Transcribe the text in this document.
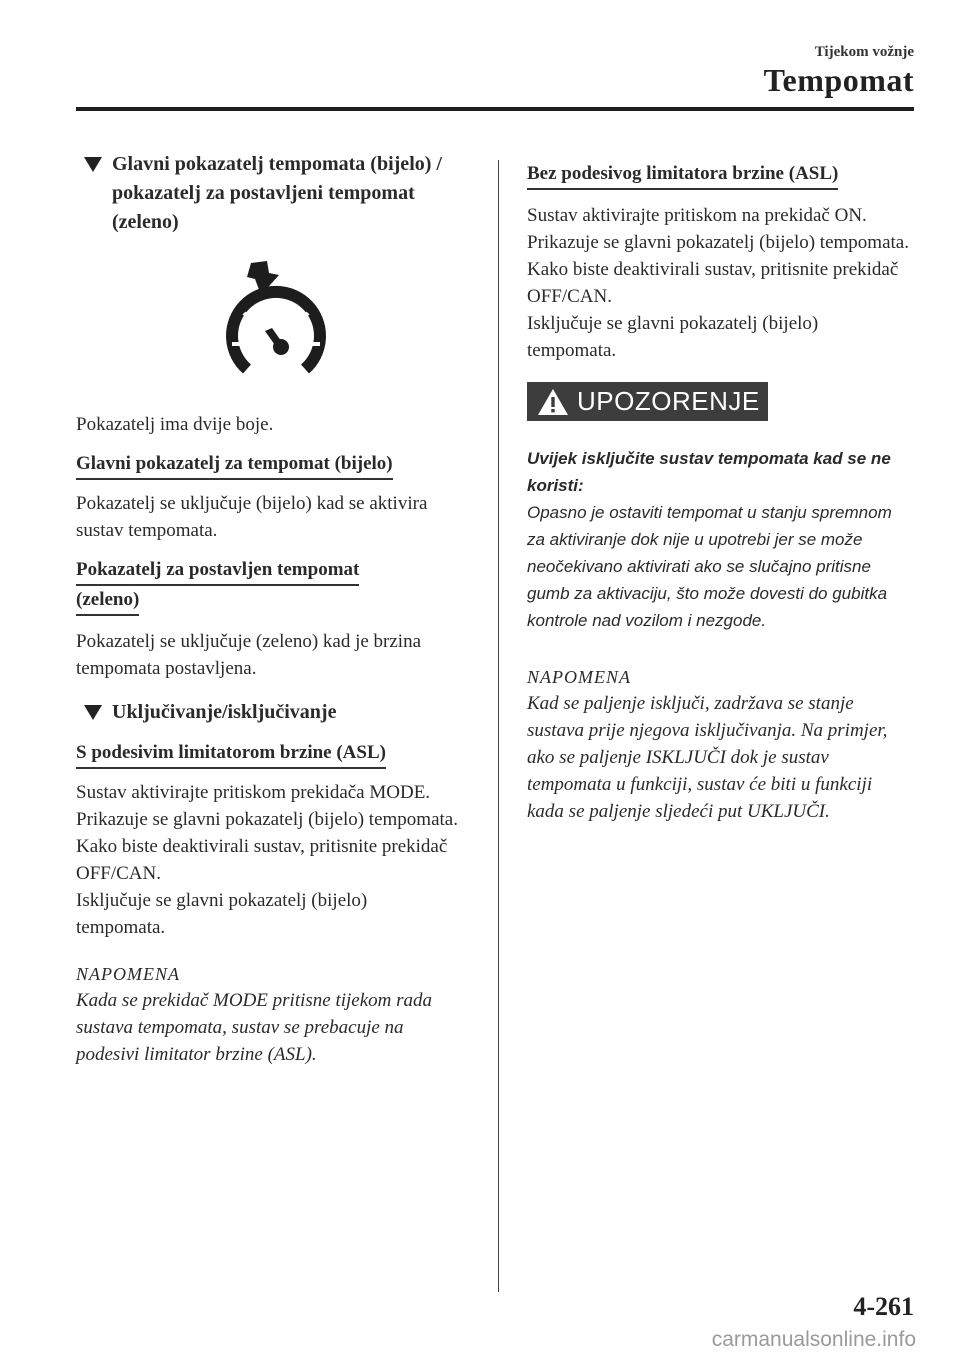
Tijekom vožnje
Tempomat
Glavni pokazatelj tempomata (bijelo) / pokazatelj za postavljeni tempomat (zeleno)

Pokazatelj ima dvije boje.

Glavni pokazatelj za tempomat (bijelo)

Pokazatelj se uključuje (bijelo) kad se aktivira sustav tempomata.

Pokazatelj za postavljen tempomat
(zeleno)

Pokazatelj se uključuje (zeleno) kad je brzina tempomata postavljena.

Uključivanje/isključivanje
S podesivim limitatorom brzine (ASL)

Sustav aktivirajte pritiskom prekidača MODE. Prikazuje se glavni pokazatelj (bijelo) tempomata.

Kako biste deaktivirali sustav, pritisnite prekidač OFF/CAN.

Isključuje se glavni pokazatelj (bijelo) tempomata.

NAPOMENA

Kada se prekidač MODE pritisne tijekom rada sustava tempomata, sustav se prebacuje na podesivi limitator brzine (ASL).

Bez podesivog limitatora brzine (ASL)

Sustav aktivirajte pritiskom na prekidač ON. Prikazuje se glavni pokazatelj (bijelo) tempomata.

Kako biste deaktivirali sustav, pritisnite prekidač OFF/CAN.

Isključuje se glavni pokazatelj (bijelo) tempomata.

UPOZORENJE

Uvijek isključite sustav tempomata kad se ne koristi:

Opasno je ostaviti tempomat u stanju spremnom za aktiviranje dok nije u upotrebi jer se može neočekivano aktivirati ako se slučajno pritisne gumb za aktivaciju, što može dovesti do gubitka kontrole nad vozilom i nezgode.

NAPOMENA

Kad se paljenje isključi, zadržava se stanje sustava prije njegova isključivanja. Na primjer, ako se paljenje ISKLJUČI dok je sustav tempomata u funkciji, sustav će biti u funkciji kada se paljenje sljedeći put UKLJUČI.

4-261
carmanualsonline.info
